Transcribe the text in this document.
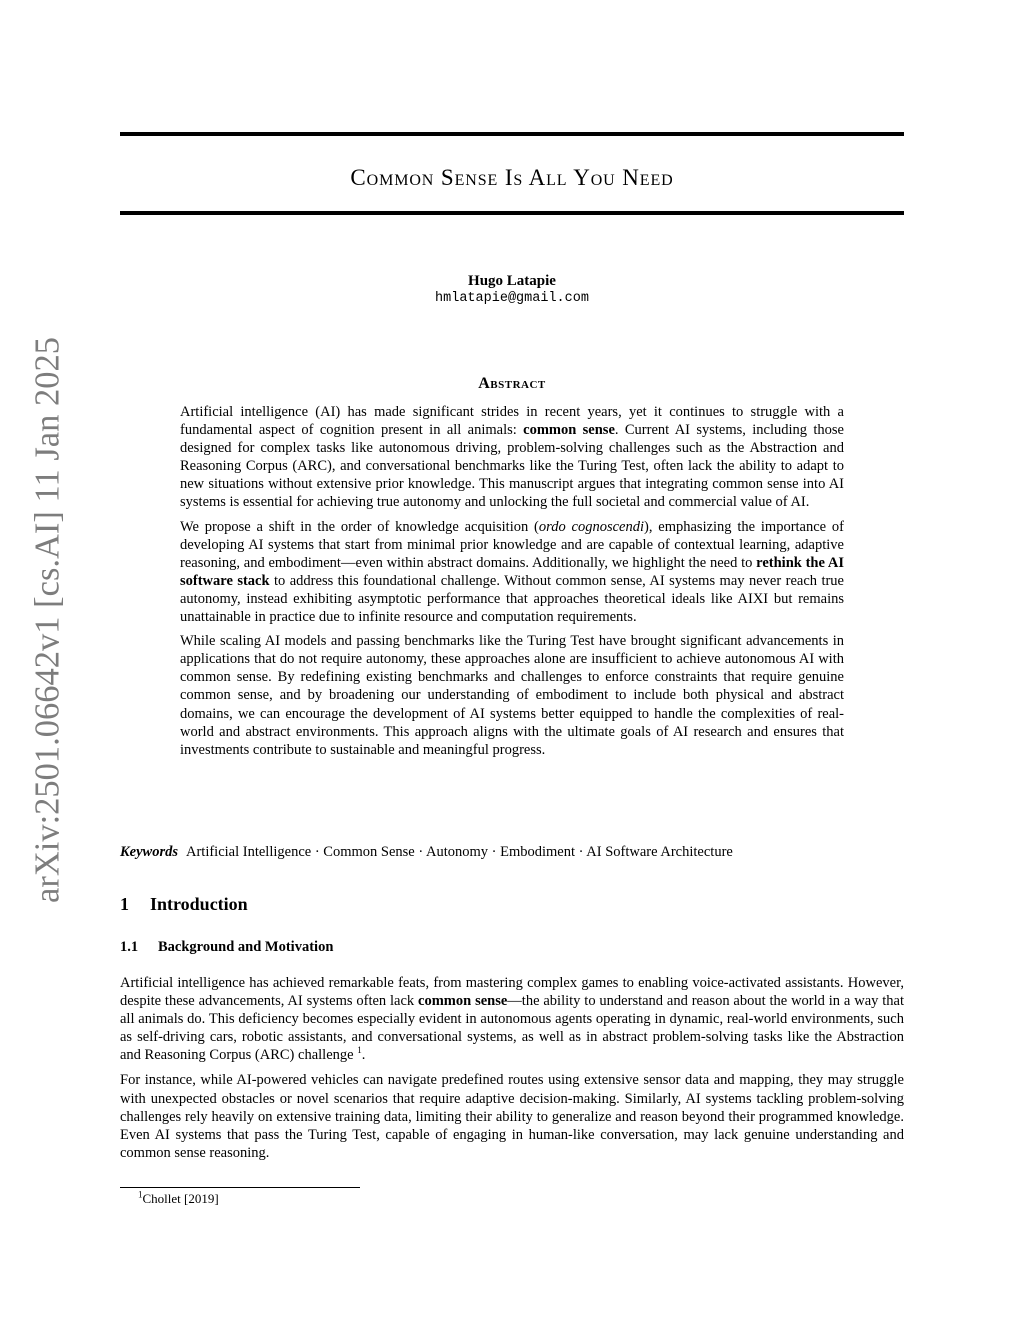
arXiv:2501.06642v1 [cs.AI] 11 Jan 2025
Common Sense Is All You Need
Hugo Latapie
hmlatapie@gmail.com
Abstract

Artificial intelligence (AI) has made significant strides in recent years, yet it continues to struggle with a fundamental aspect of cognition present in all animals: common sense. Current AI systems, including those designed for complex tasks like autonomous driving, problem-solving challenges such as the Abstraction and Reasoning Corpus (ARC), and conversational benchmarks like the Turing Test, often lack the ability to adapt to new situations without extensive prior knowledge. This manuscript argues that integrating common sense into AI systems is essential for achieving true autonomy and unlocking the full societal and commercial value of AI.

We propose a shift in the order of knowledge acquisition (ordo cognoscendi), emphasizing the importance of developing AI systems that start from minimal prior knowledge and are capable of contextual learning, adaptive reasoning, and embodiment—even within abstract domains. Additionally, we highlight the need to rethink the AI software stack to address this foundational challenge. Without common sense, AI systems may never reach true autonomy, instead exhibiting asymptotic performance that approaches theoretical ideals like AIXI but remains unattainable in practice due to infinite resource and computation requirements.

While scaling AI models and passing benchmarks like the Turing Test have brought significant advancements in applications that do not require autonomy, these approaches alone are insufficient to achieve autonomous AI with common sense. By redefining existing benchmarks and challenges to enforce constraints that require genuine common sense, and by broadening our understanding of embodiment to include both physical and abstract domains, we can encourage the development of AI systems better equipped to handle the complexities of real-world and abstract environments. This approach aligns with the ultimate goals of AI research and ensures that investments contribute to sustainable and meaningful progress.

Keywords Artificial Intelligence · Common Sense · Autonomy · Embodiment · AI Software Architecture
1 Introduction
1.1 Background and Motivation

Artificial intelligence has achieved remarkable feats, from mastering complex games to enabling voice-activated assistants. However, despite these advancements, AI systems often lack common sense—the ability to understand and reason about the world in a way that all animals do. This deficiency becomes especially evident in autonomous agents operating in dynamic, real-world environments, such as self-driving cars, robotic assistants, and conversational systems, as well as in abstract problem-solving tasks like the Abstraction and Reasoning Corpus (ARC) challenge $^1$.

For instance, while AI-powered vehicles can navigate predefined routes using extensive sensor data and mapping, they may struggle with unexpected obstacles or novel scenarios that require adaptive decision-making. Similarly, AI systems tackling problem-solving challenges rely heavily on extensive training data, limiting their ability to generalize and reason beyond their programmed knowledge. Even AI systems that pass the Turing Test, capable of engaging in human-like conversation, may lack genuine understanding and common sense reasoning.

$^1$Chollet [2019]
